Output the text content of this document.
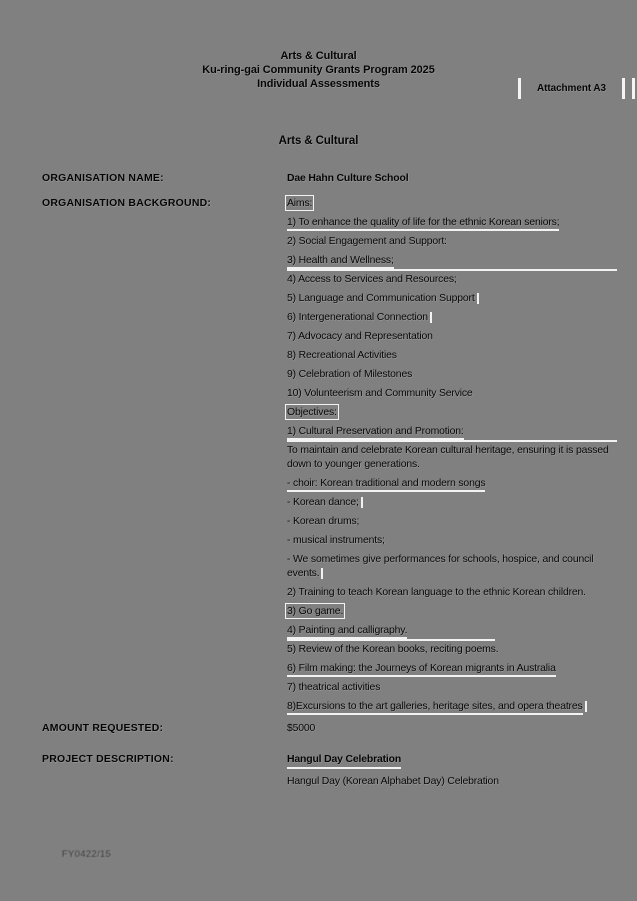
Arts & Cultural
Ku-ring-gai Community Grants Program 2025
Individual Assessments	Attachment A3
Arts & Cultural
ORGANISATION NAME:	Dae Hahn Culture School
ORGANISATION BACKGROUND:	Aims:
1) To enhance the quality of life for the ethnic Korean seniors;
2) Social Engagement and Support:
3) Health and Wellness;
4) Access to Services and Resources;
5) Language and Communication Support
6) Intergenerational Connection
7) Advocacy and Representation
8) Recreational Activities
9) Celebration of Milestones
10) Volunteerism and Community Service
Objectives:
1) Cultural Preservation and Promotion:
To maintain and celebrate Korean cultural heritage, ensuring it is passed down to younger generations.
- choir: Korean traditional and modern songs
- Korean dance;
- Korean drums;
- musical instruments;
- We sometimes give performances for schools, hospice, and council events.
2) Training to teach Korean language to the ethnic Korean children.
3) Go game.
4) Painting and calligraphy.
5) Review of the Korean books, reciting poems.
6) Film making: the Journeys of Korean migrants in Australia
7) theatrical activities
8)Excursions to the art galleries, heritage sites, and opera theatres
AMOUNT REQUESTED:	$5000
PROJECT DESCRIPTION:	Hangul Day Celebration
Hangul Day (Korean Alphabet Day) Celebration
FY0422/15
